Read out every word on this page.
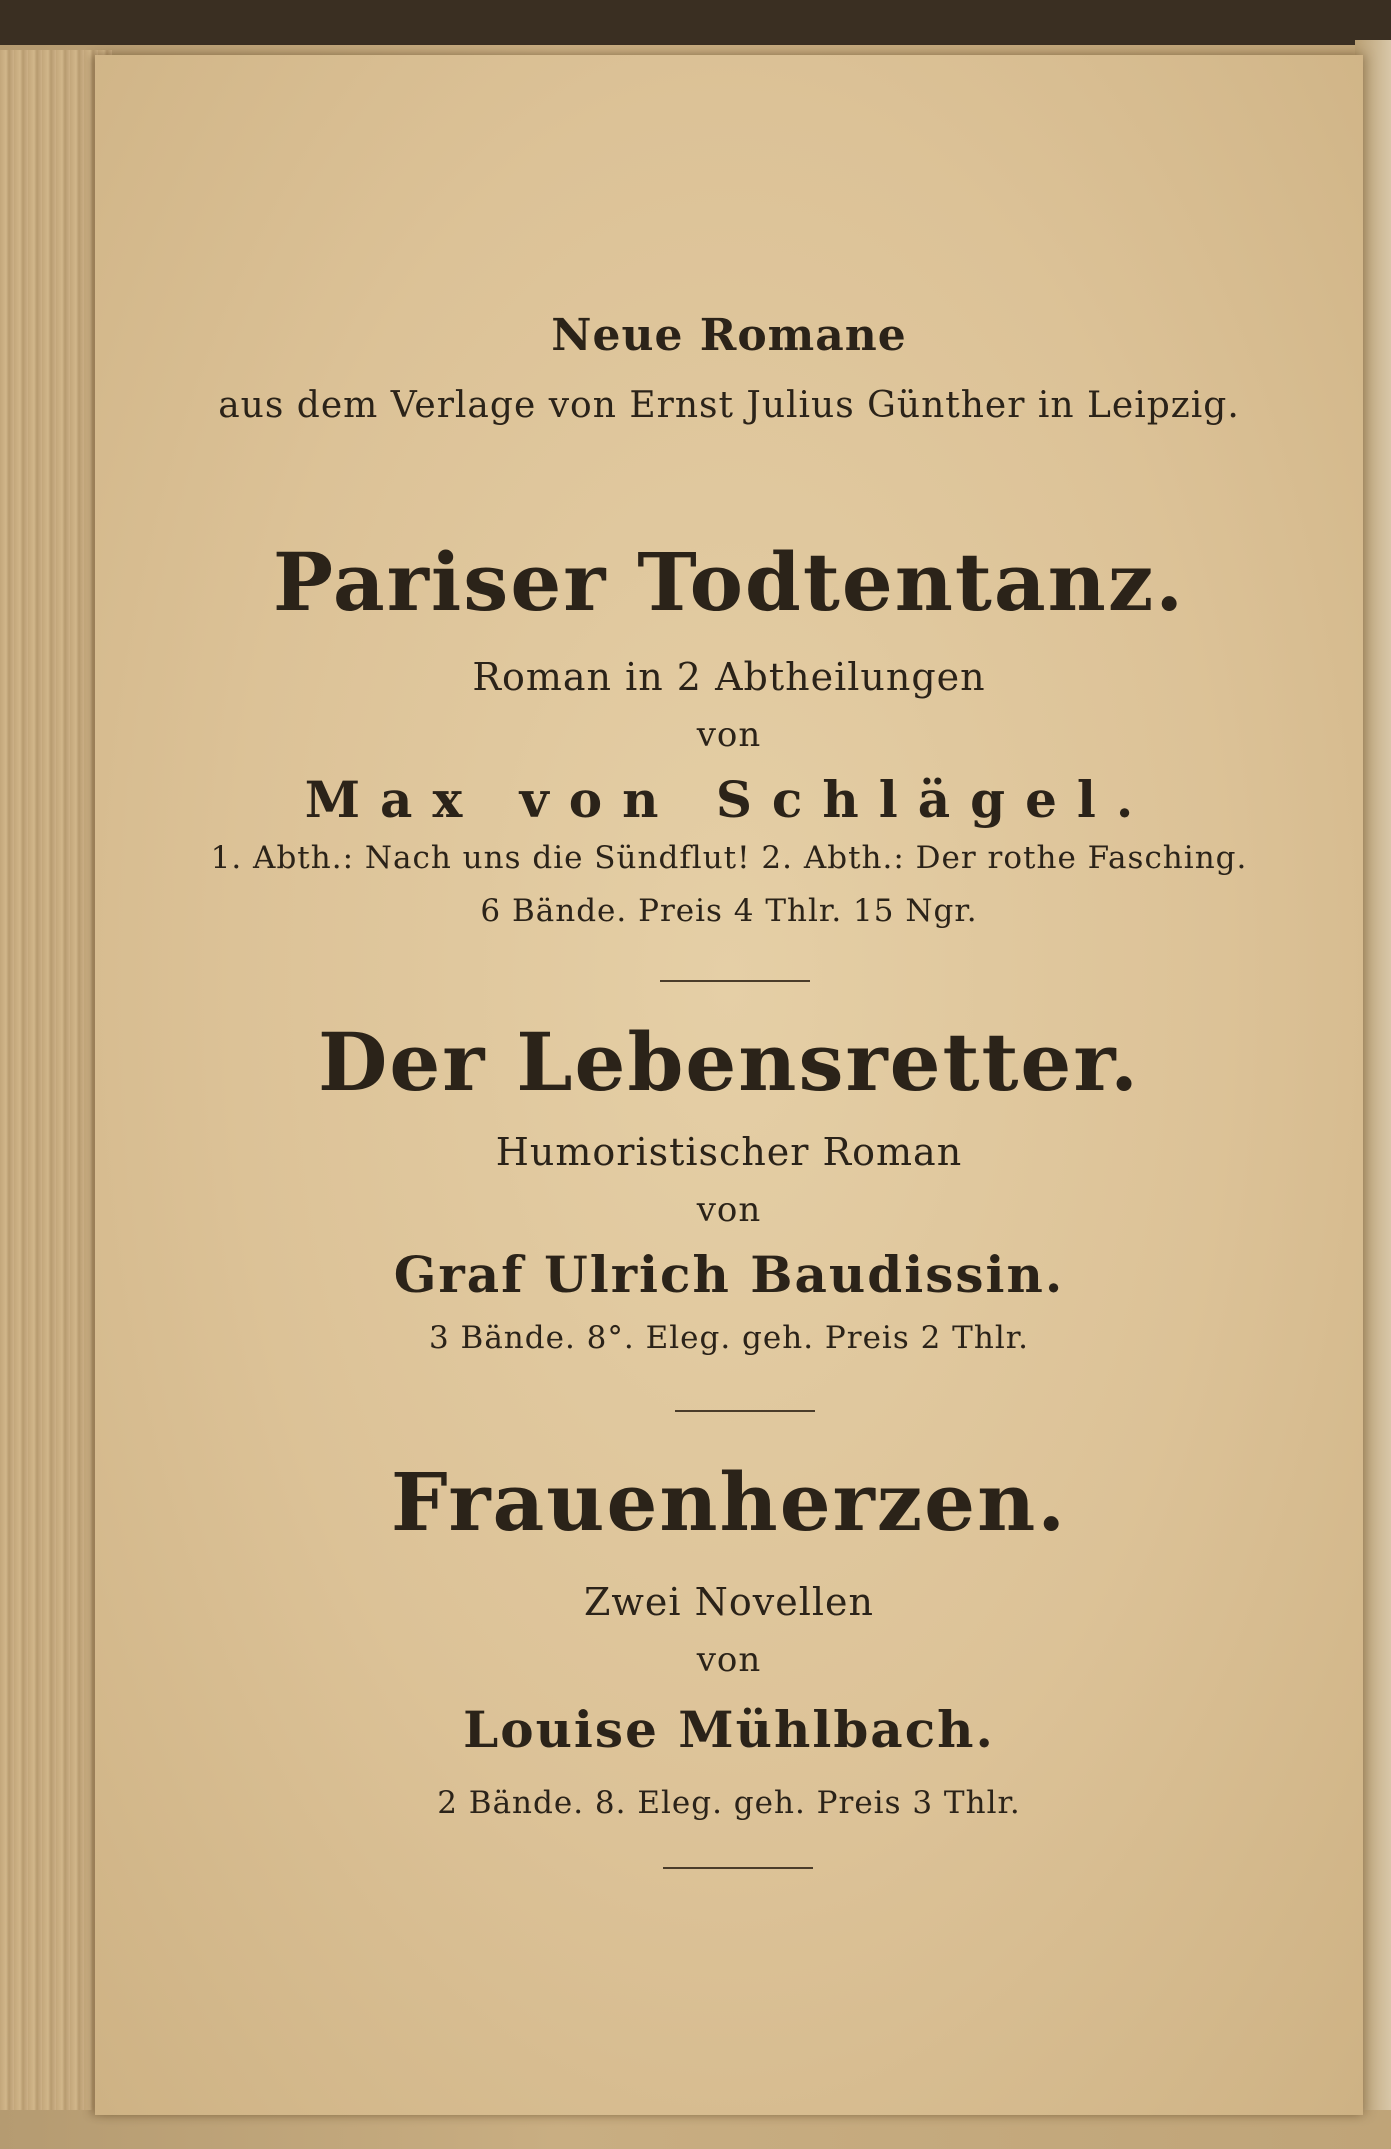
Neue Romane

aus dem Verlage von Ernst Julius Günther in Leipzig.

Pariser Todtentanz.

Roman in 2 Abtheilungen

von

Max von Schlägel.

1. Abth.: Nach uns die Sündflut! 2. Abth.: Der rothe Fasching.

6 Bände. Preis 4 Thlr. 15 Ngr.

Der Lebensretter.

Humoristischer Roman

von

Graf Ulrich Baudissin.

3 Bände. 8°. Eleg. geh. Preis 2 Thlr.

Frauenherzen.

Zwei Novellen

von

Louise Mühlbach.

2 Bände. 8. Eleg. geh. Preis 3 Thlr.
